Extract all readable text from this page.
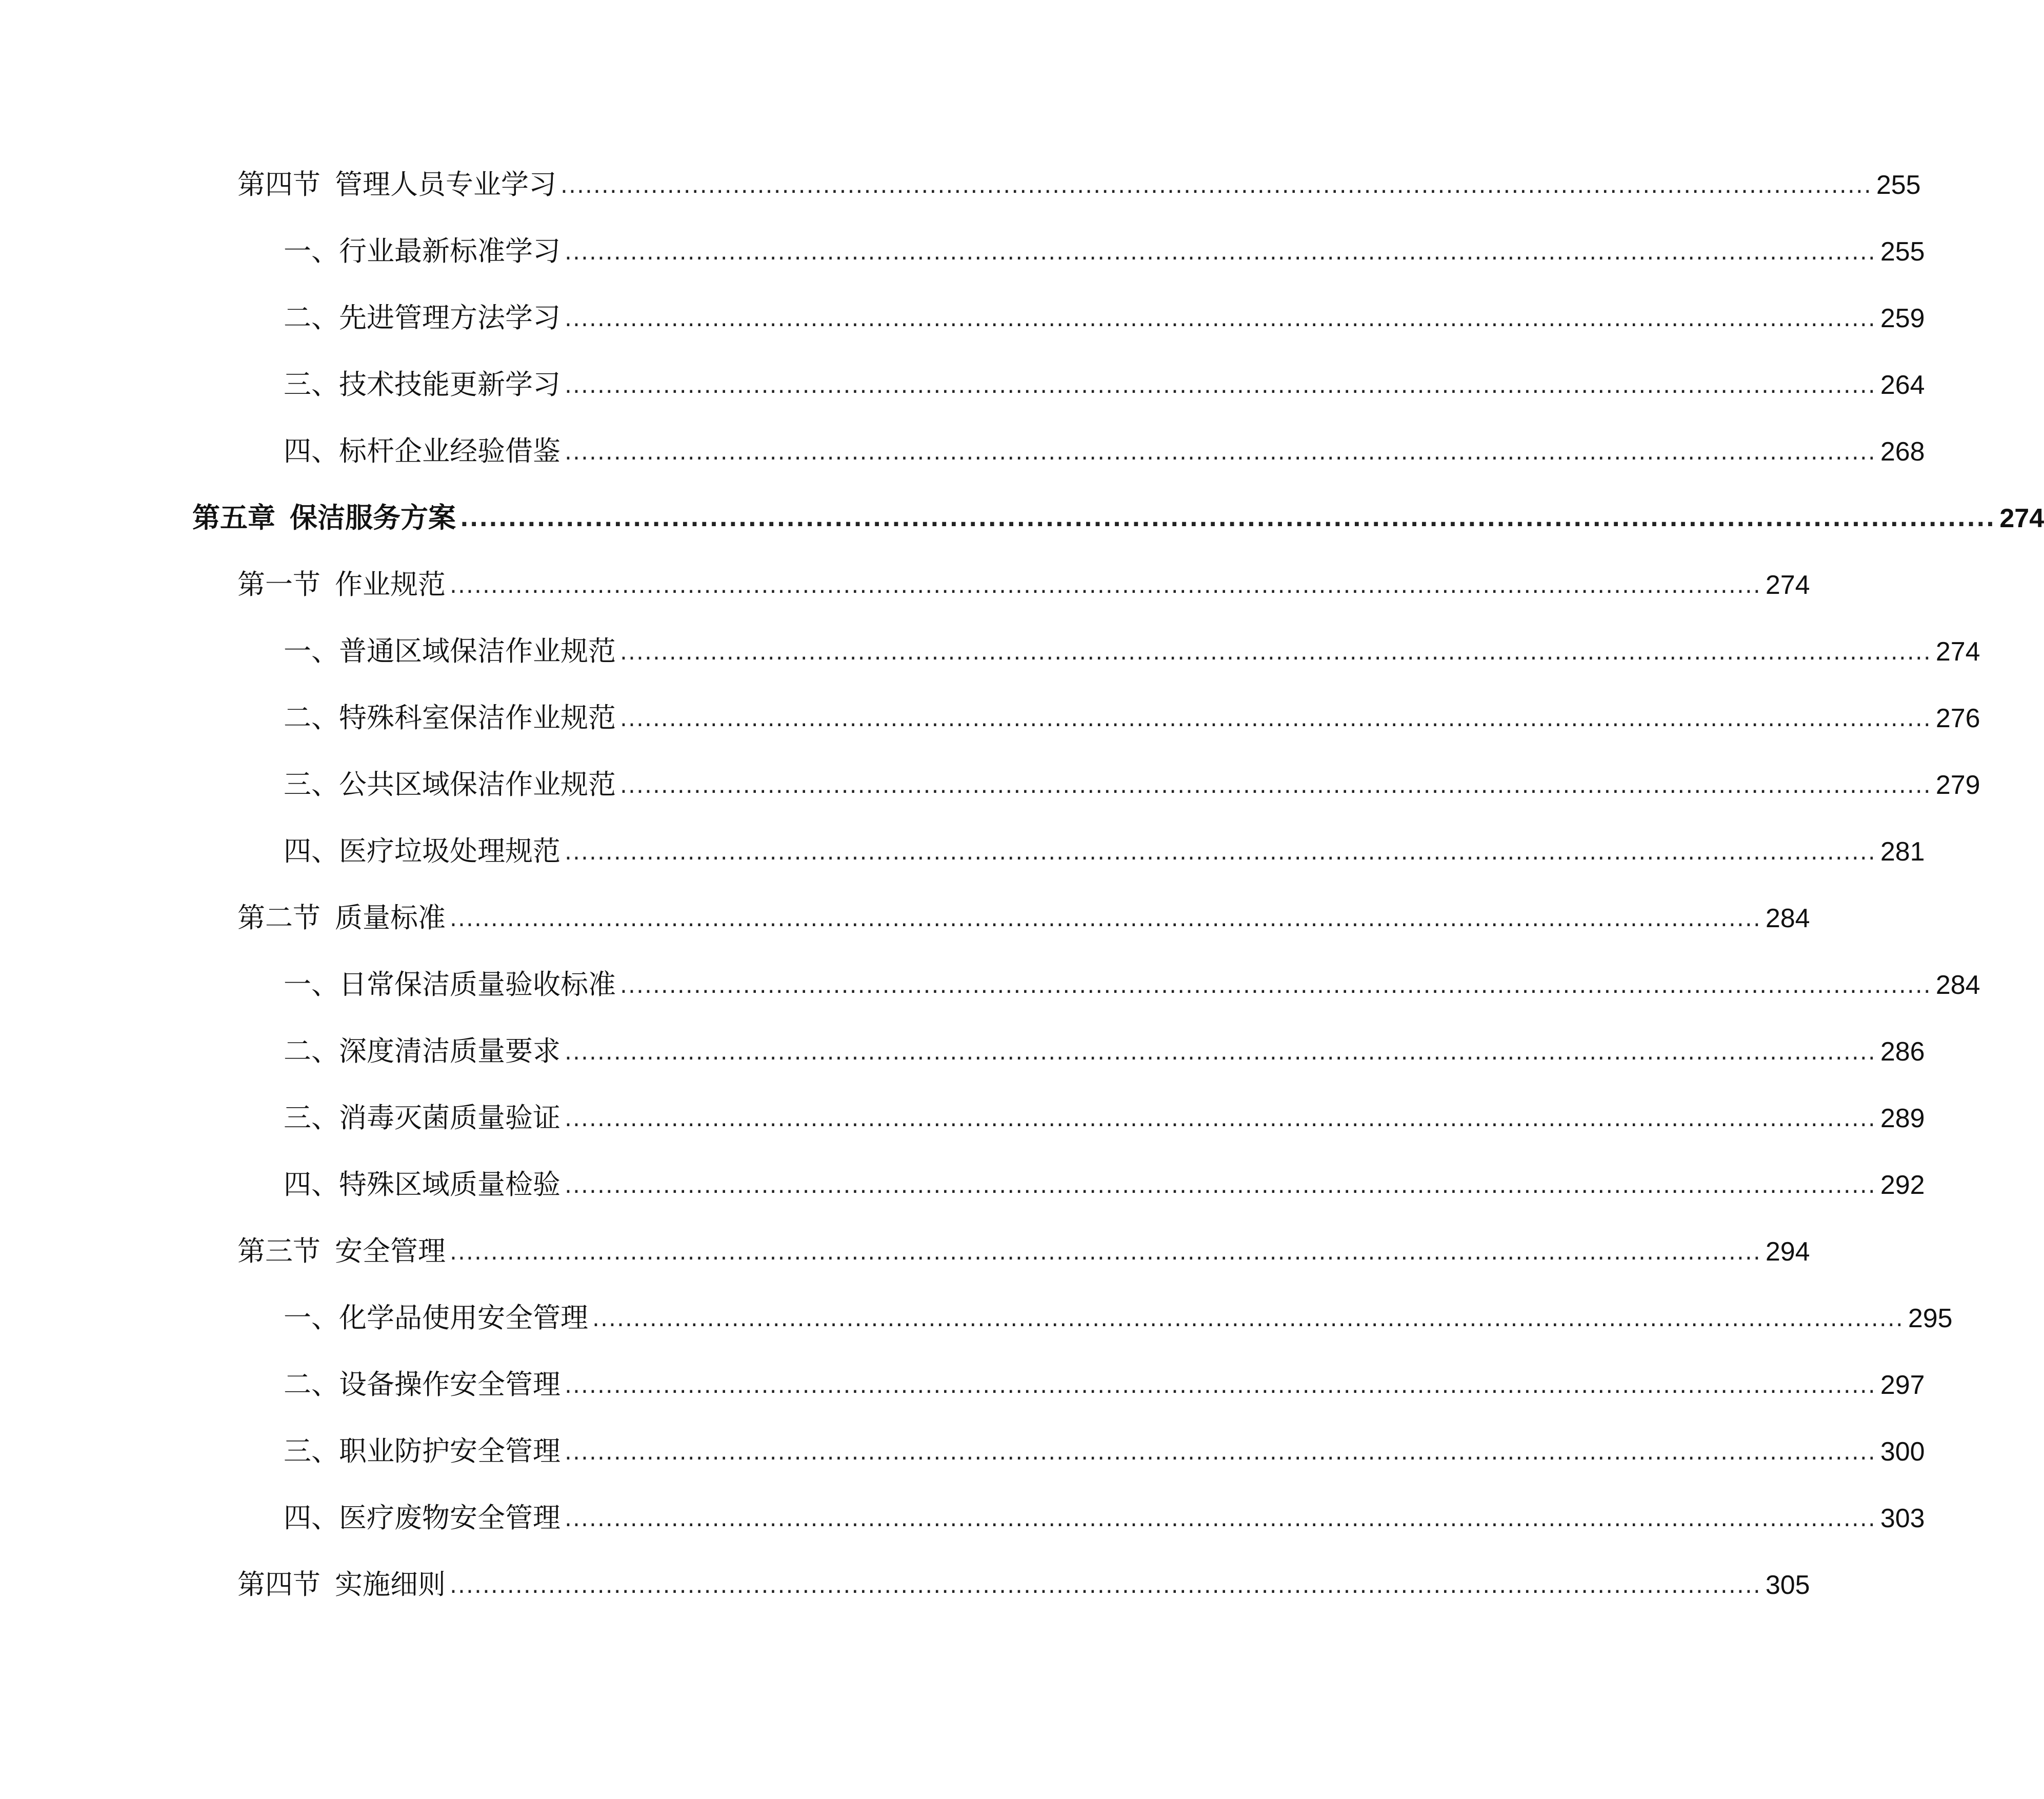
第四节 管理人员专业学习 ................................................................................................................................................................ 255
一、行业最新标准学习 ................................................................................................................................................................ 255
二、先进管理方法学习 ................................................................................................................................................................ 259
三、技术技能更新学习 ................................................................................................................................................................ 264
四、标杆企业经验借鉴 ................................................................................................................................................................ 268
第五章 保洁服务方案 ................................................................................................................................................................ 274
第一节 作业规范 ................................................................................................................................................................ 274
一、普通区域保洁作业规范 ................................................................................................................................................................ 274
二、特殊科室保洁作业规范 ................................................................................................................................................................ 276
三、公共区域保洁作业规范 ................................................................................................................................................................ 279
四、医疗垃圾处理规范 ................................................................................................................................................................ 281
第二节 质量标准 ................................................................................................................................................................ 284
一、日常保洁质量验收标准 ................................................................................................................................................................ 284
二、深度清洁质量要求 ................................................................................................................................................................ 286
三、消毒灭菌质量验证 ................................................................................................................................................................ 289
四、特殊区域质量检验 ................................................................................................................................................................ 292
第三节 安全管理 ................................................................................................................................................................ 294
一、化学品使用安全管理 ................................................................................................................................................................ 295
二、设备操作安全管理 ................................................................................................................................................................ 297
三、职业防护安全管理 ................................................................................................................................................................ 300
四、医疗废物安全管理 ................................................................................................................................................................ 303
第四节 实施细则 ................................................................................................................................................................ 305
